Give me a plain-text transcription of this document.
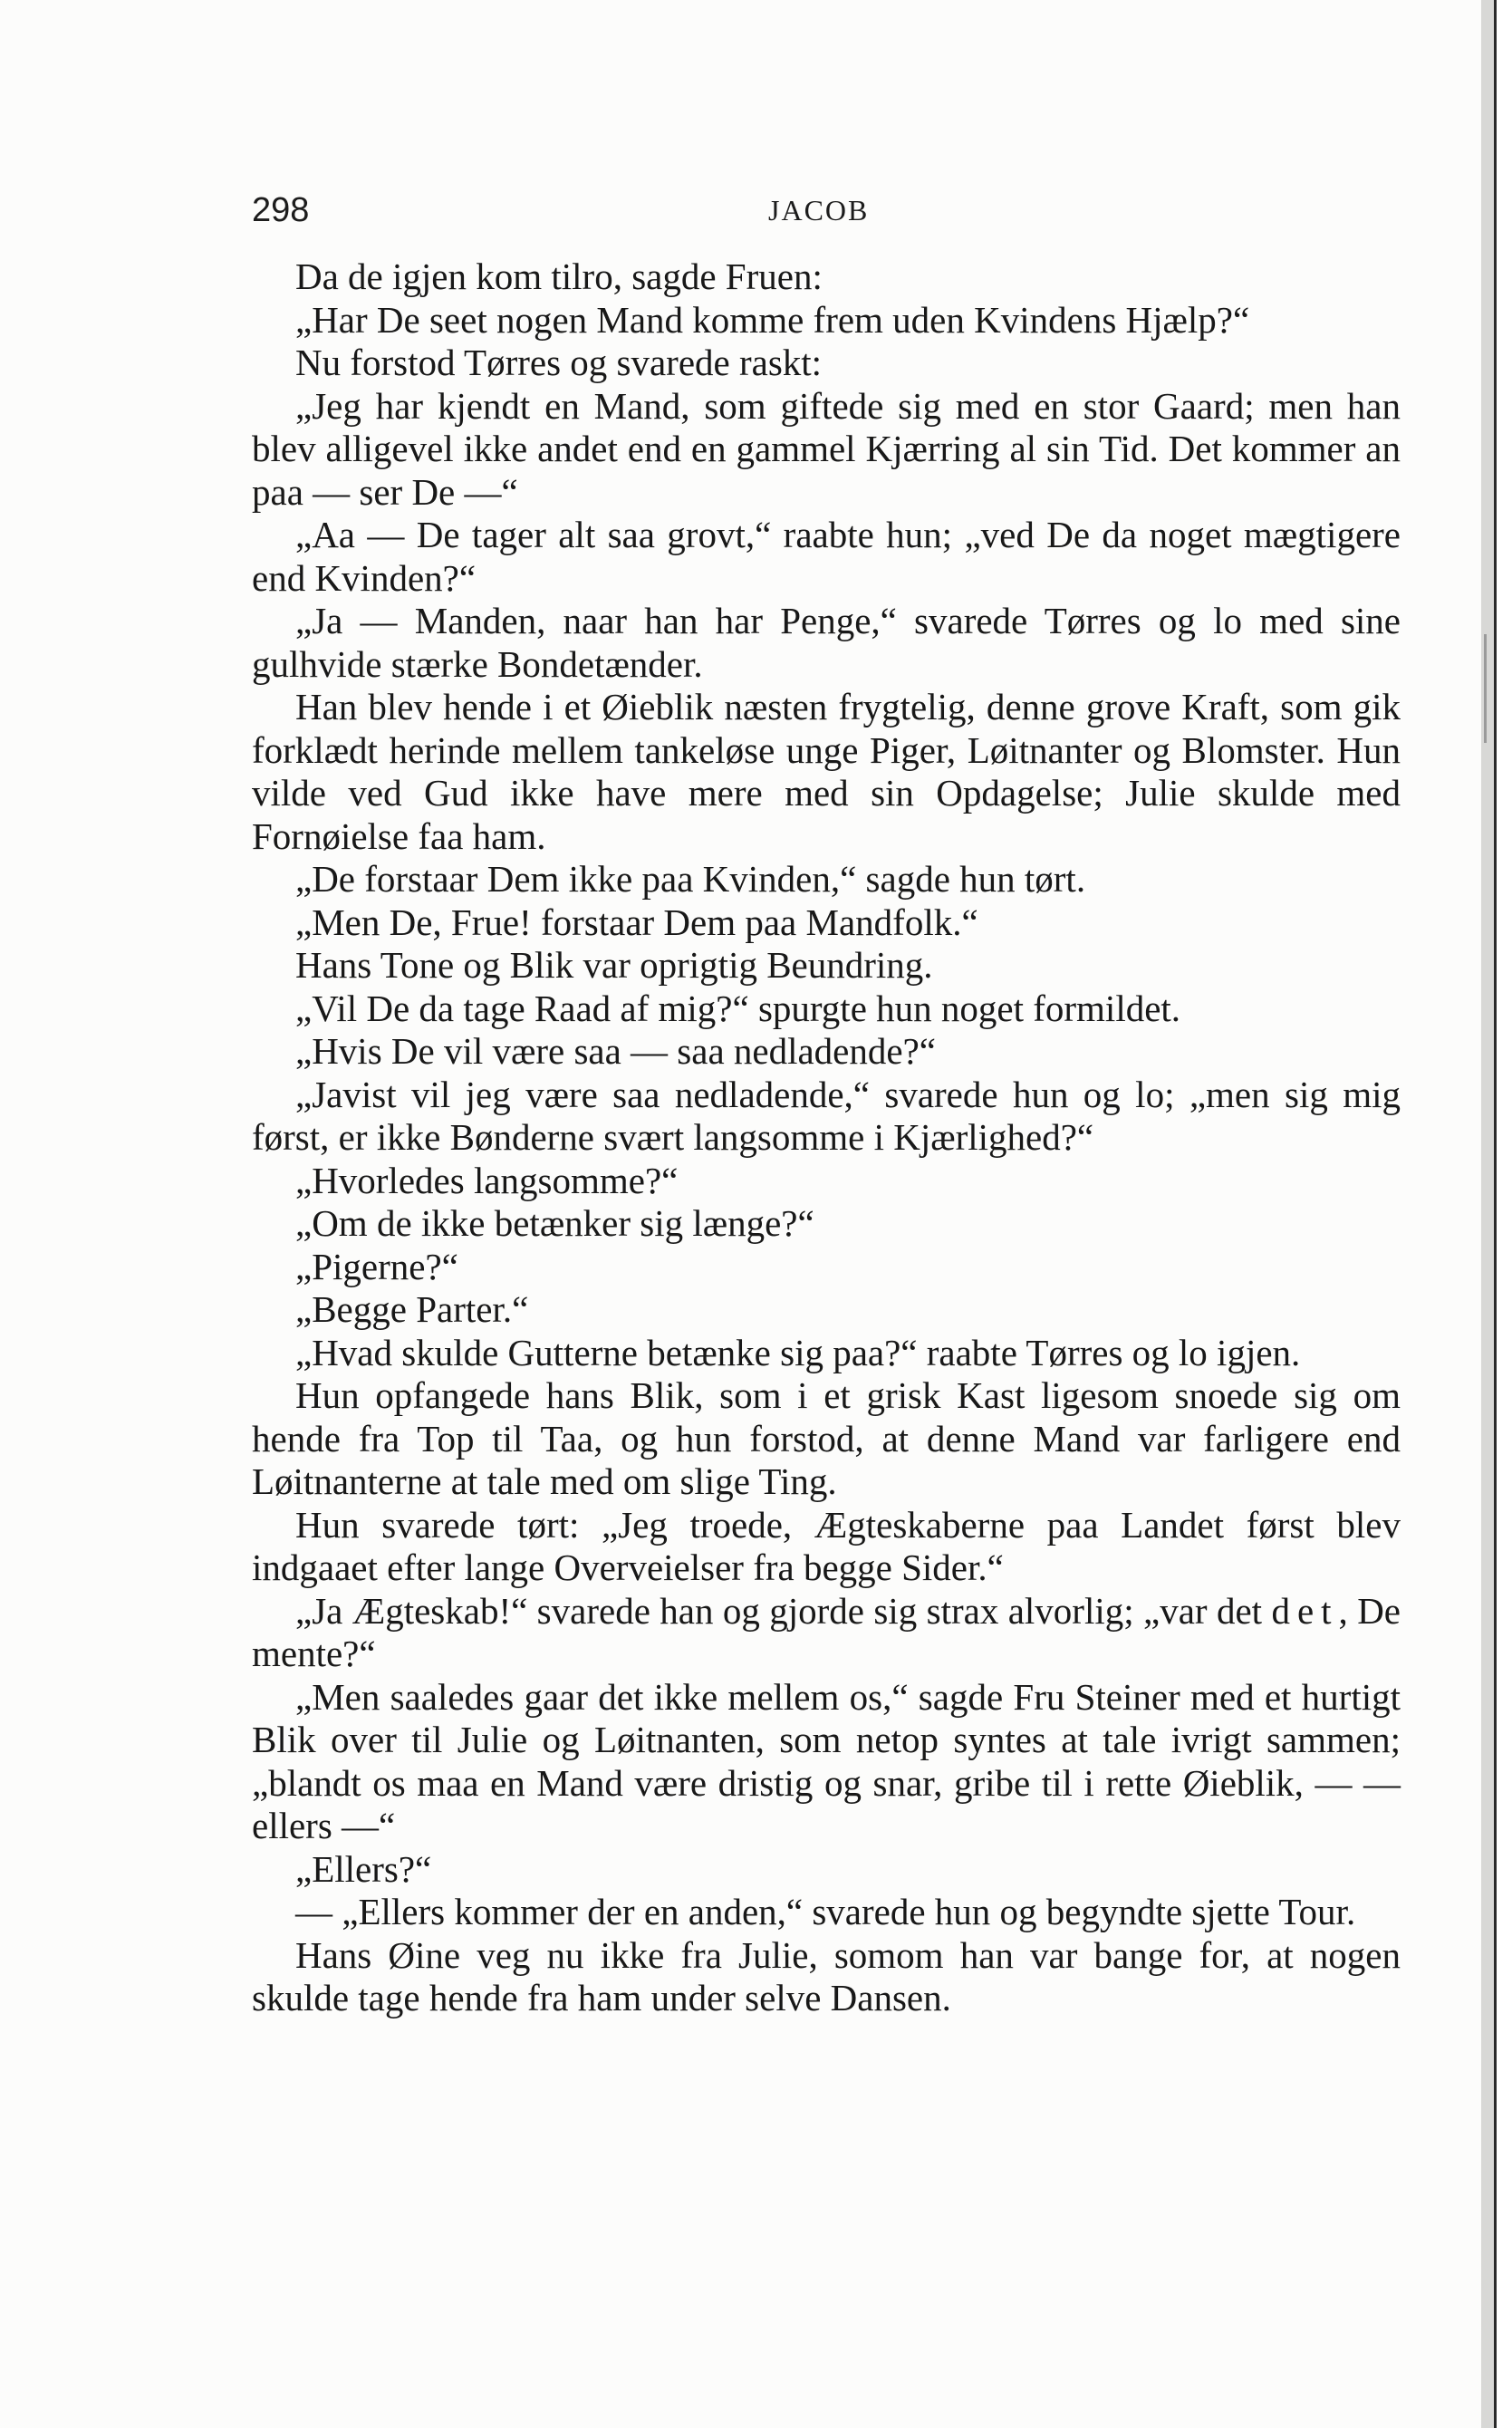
298	JACOB

Da de igjen kom tilro, sagde Fruen:

„Har De seet nogen Mand komme frem uden Kvindens Hjælp?“

Nu forstod Tørres og svarede raskt:

„Jeg har kjendt en Mand, som giftede sig med en stor Gaard; men han blev alligevel ikke andet end en gammel Kjærring al sin Tid. Det kommer an paa — ser De —“

„Aa — De tager alt saa grovt,“ raabte hun; „ved De da noget mægtigere end Kvinden?“

„Ja — Manden, naar han har Penge,“ svarede Tørres og lo med sine gulhvide stærke Bondetænder.

Han blev hende i et Øieblik næsten frygtelig, denne grove Kraft, som gik forklædt herinde mellem tankeløse unge Piger, Løitnanter og Blomster. Hun vilde ved Gud ikke have mere med sin Opdagelse; Julie skulde med Fornøielse faa ham.

„De forstaar Dem ikke paa Kvinden,“ sagde hun tørt.

„Men De, Frue! forstaar Dem paa Mandfolk.“

Hans Tone og Blik var oprigtig Beundring.

„Vil De da tage Raad af mig?“ spurgte hun noget formildet.

„Hvis De vil være saa — saa nedladende?“

„Javist vil jeg være saa nedladende,“ svarede hun og lo; „men sig mig først, er ikke Bønderne svært langsomme i Kjærlighed?“

„Hvorledes langsomme?“

„Om de ikke betænker sig længe?“

„Pigerne?“

„Begge Parter.“

„Hvad skulde Gutterne betænke sig paa?“ raabte Tørres og lo igjen.

Hun opfangede hans Blik, som i et grisk Kast ligesom snoede sig om hende fra Top til Taa, og hun forstod, at denne Mand var farligere end Løitnanterne at tale med om slige Ting.

Hun svarede tørt: „Jeg troede, Ægteskaberne paa Landet først blev indgaaet efter lange Overveielser fra begge Sider.“

„Ja Ægteskab!“ svarede han og gjorde sig strax alvorlig; „var det det, De mente?“

„Men saaledes gaar det ikke mellem os,“ sagde Fru Steiner med et hurtigt Blik over til Julie og Løitnanten, som netop syntes at tale ivrigt sammen; „blandt os maa en Mand være dristig og snar, gribe til i rette Øieblik, — — ellers —“

„Ellers?“

— „Ellers kommer der en anden,“ svarede hun og begyndte sjette Tour.

Hans Øine veg nu ikke fra Julie, somom han var bange for, at nogen skulde tage hende fra ham under selve Dansen.
